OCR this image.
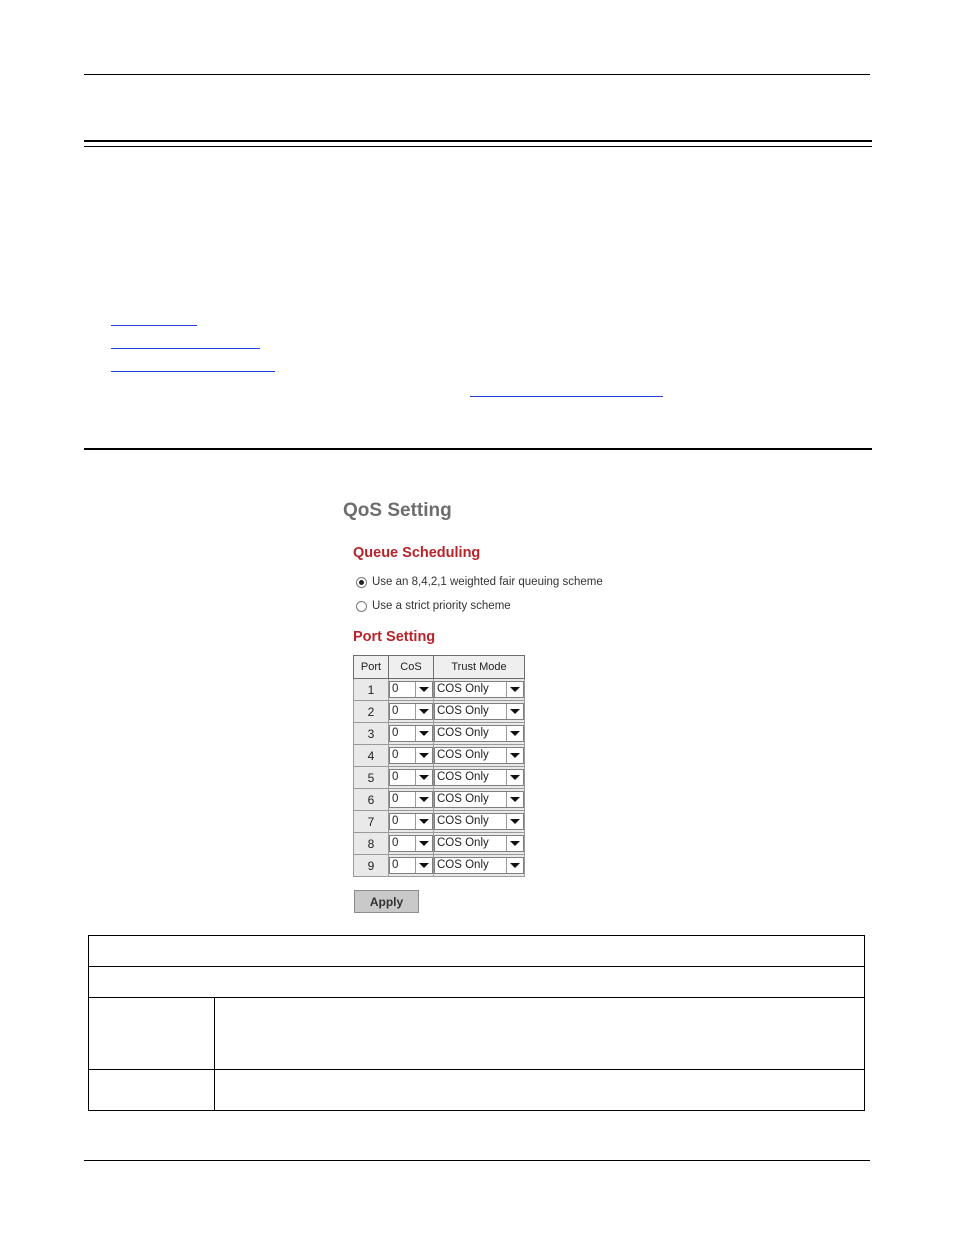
QoS Setting
Queue Scheduling
Use an 8,4,2,1 weighted fair queuing scheme
Use a strict priority scheme
Port Setting
Port	CoS	Trust Mode
1	0	COS Only

2	0	COS Only

3	0	COS Only

4	0	COS Only

5	0	COS Only

6	0	COS Only

7	0	COS Only

8	0	COS Only

9	0	COS Only
Apply
